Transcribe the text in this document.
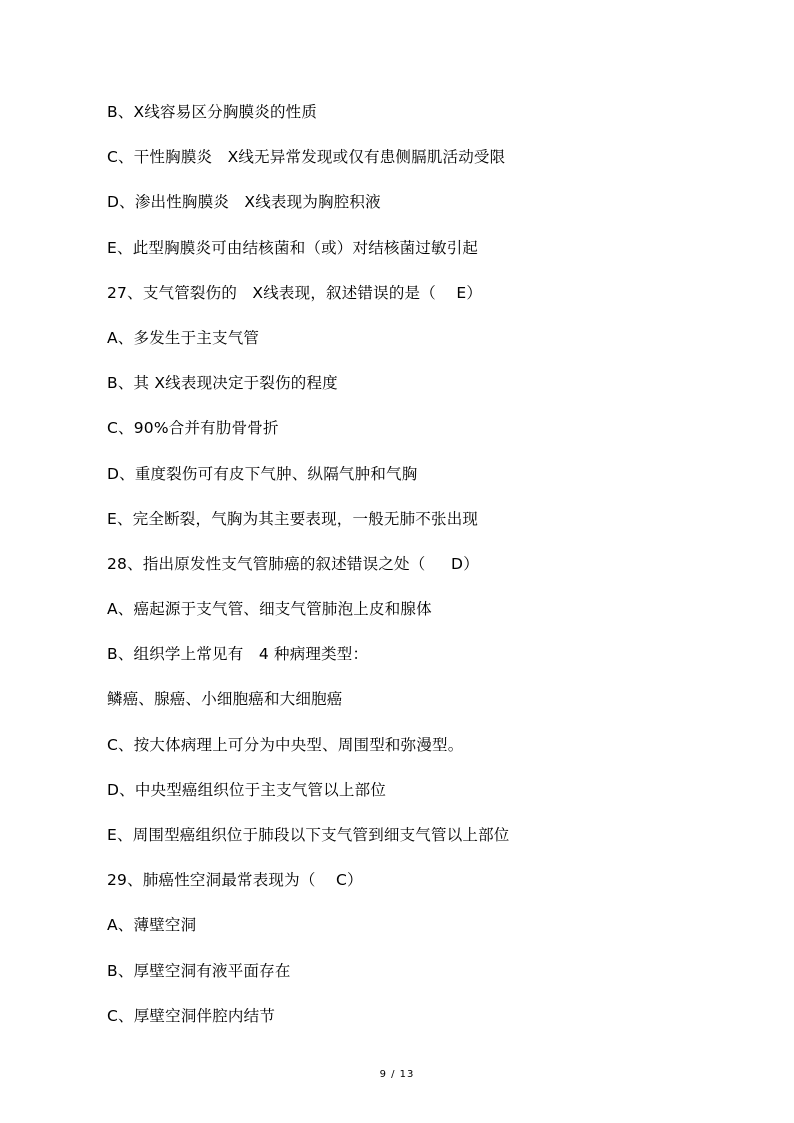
B、X线容易区分胸膜炎的性质
C、干性胸膜炎   X线无异常发现或仅有患侧膈肌活动受限
D、渗出性胸膜炎   X线表现为胸腔积液
E、此型胸膜炎可由结核菌和（或）对结核菌过敏引起
27、支气管裂伤的   X线表现，叙述错误的是（    E）
A、多发生于主支气管
B、其 X线表现决定于裂伤的程度
C、90%合并有肋骨骨折
D、重度裂伤可有皮下气肿、纵隔气肿和气胸
E、完全断裂，气胸为其主要表现，一般无肺不张出现
28、指出原发性支气管肺癌的叙述错误之处（     D）
A、癌起源于支气管、细支气管肺泡上皮和腺体
B、组织学上常见有   4 种病理类型：
鳞癌、腺癌、小细胞癌和大细胞癌
C、按大体病理上可分为中央型、周围型和弥漫型。
D、中央型癌组织位于主支气管以上部位
E、周围型癌组织位于肺段以下支气管到细支气管以上部位
29、肺癌性空洞最常表现为（    C）
A、薄壁空洞
B、厚壁空洞有液平面存在
C、厚壁空洞伴腔内结节
9 / 13
